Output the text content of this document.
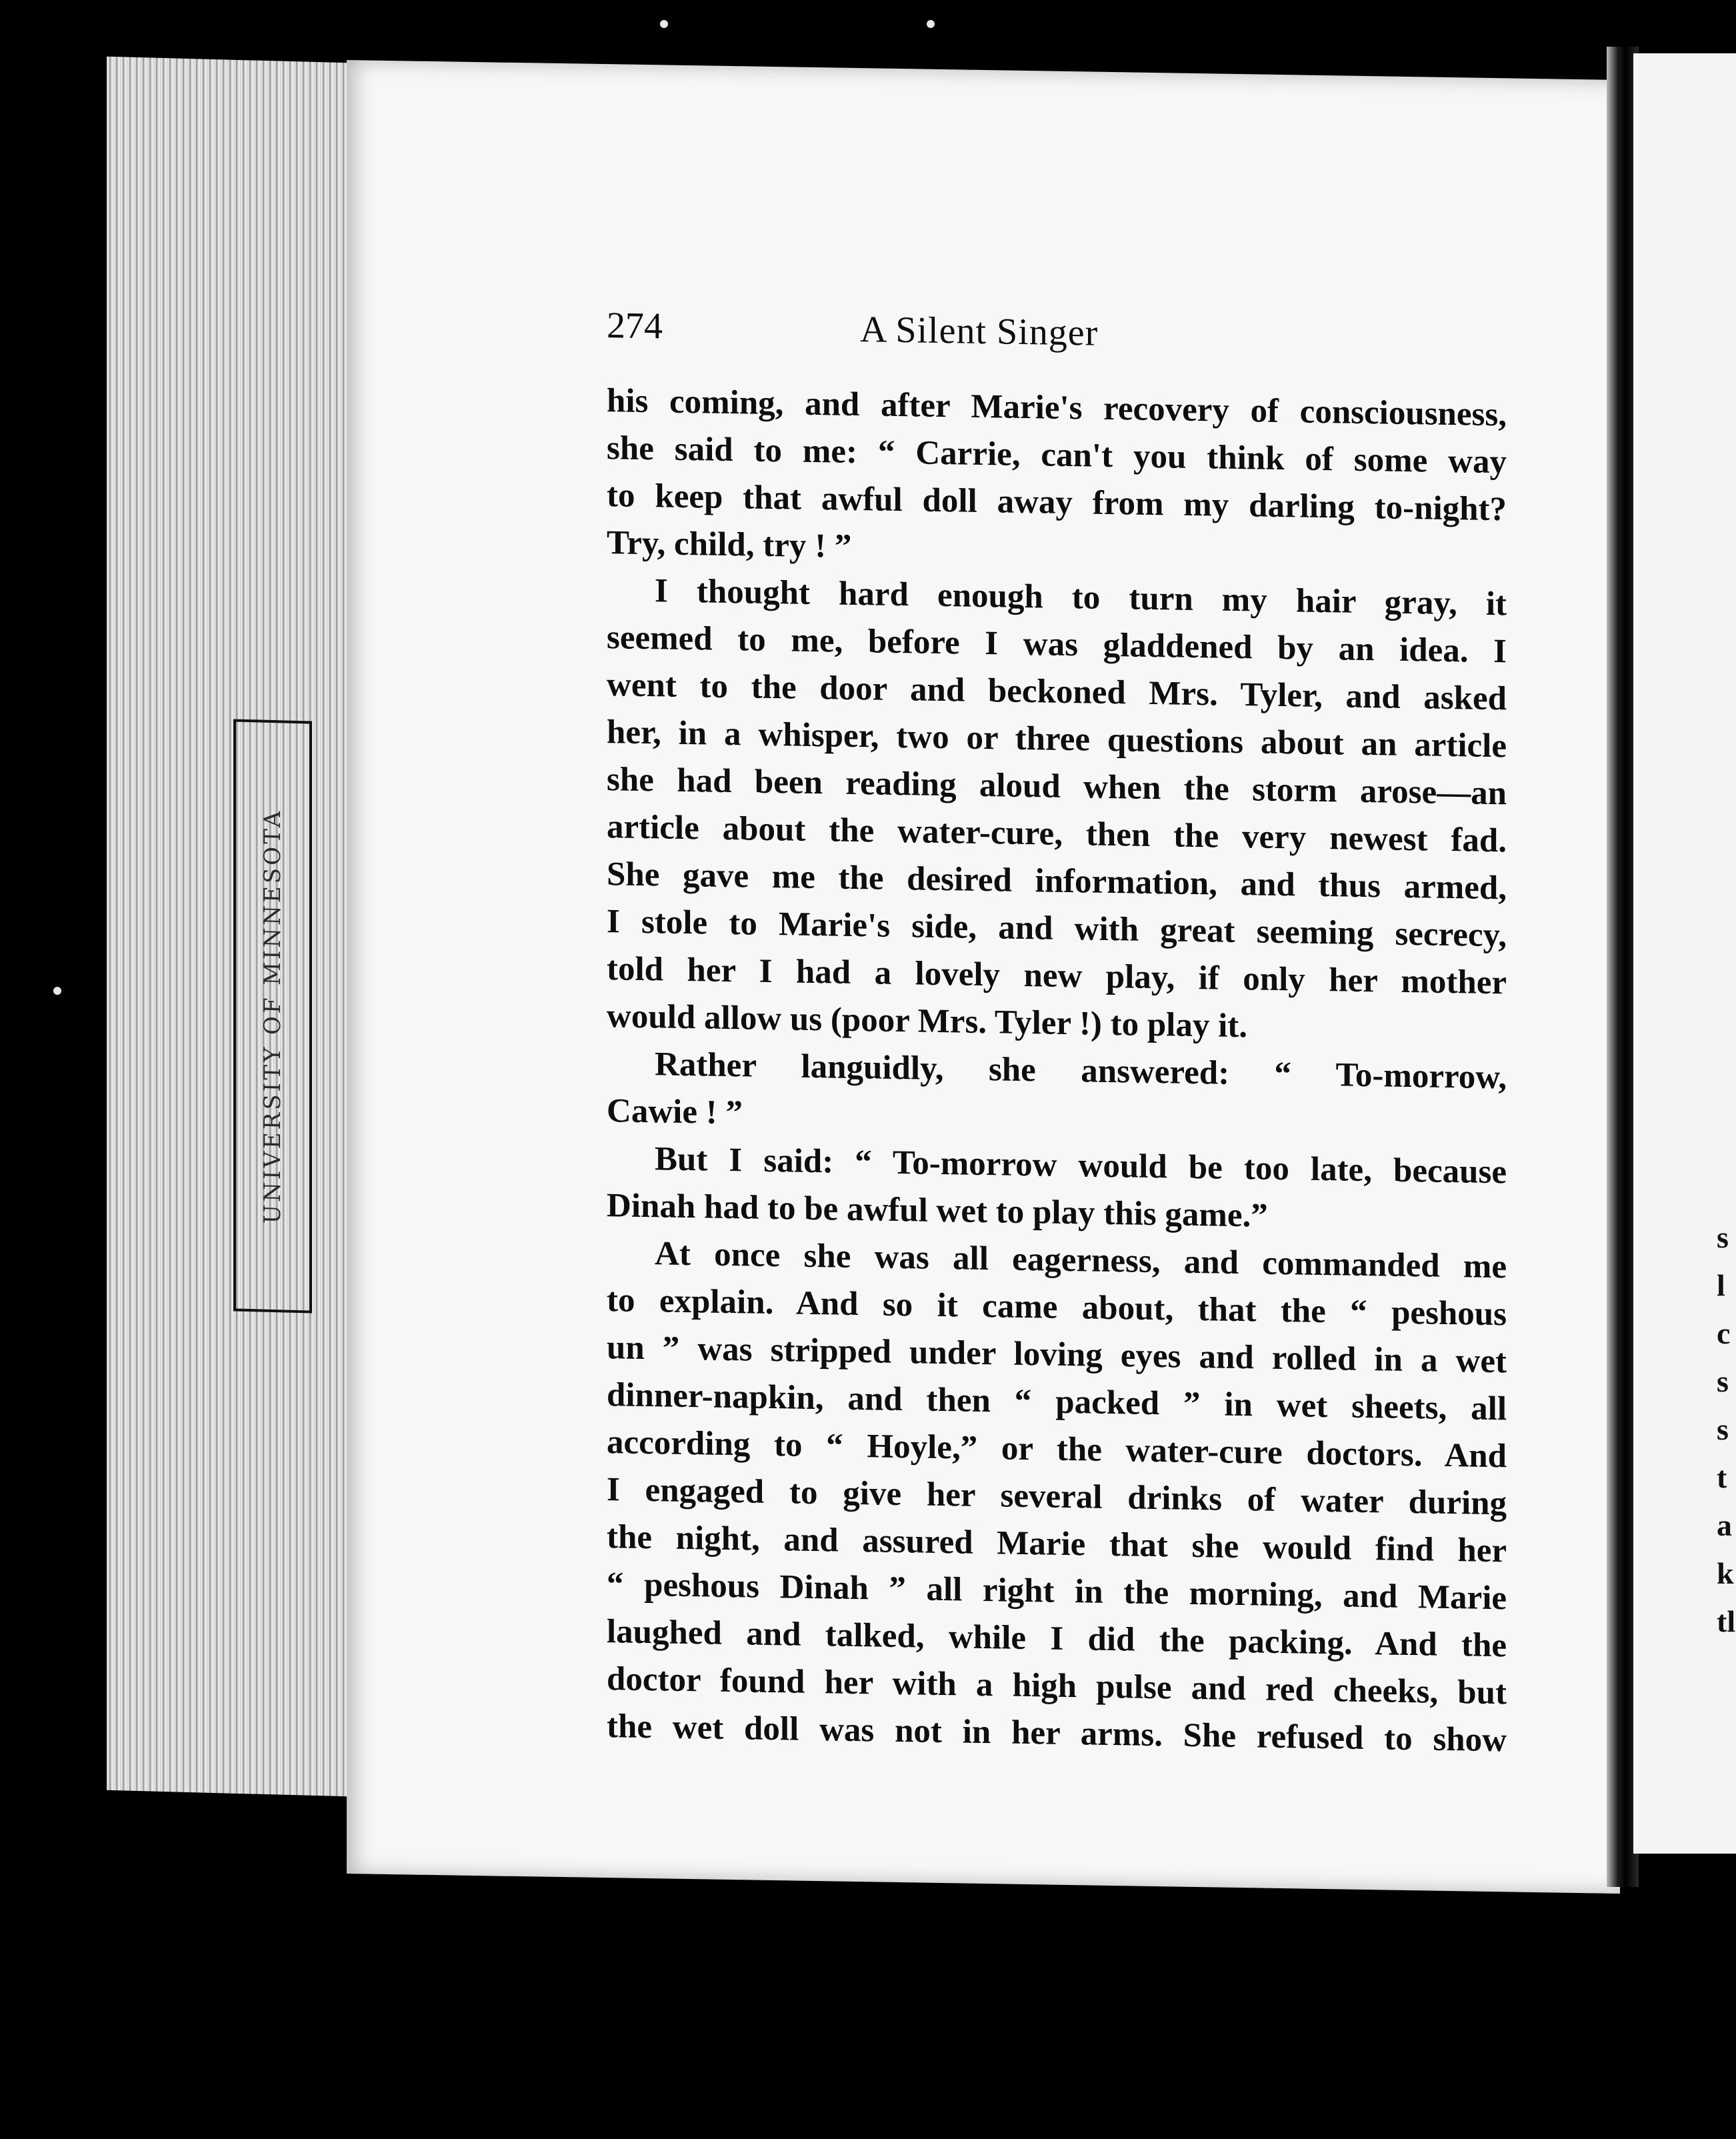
UNIVERSITY OF MINNESOTA
274	A Silent Singer
his coming, and after Marie's recovery of consciousness,
she said to me: “ Carrie, can't you think of some way
to keep that awful doll away from my darling to-night?
Try, child, try ! ”
I thought hard enough to turn my hair gray, it
seemed to me, before I was gladdened by an idea. I
went to the door and beckoned Mrs. Tyler, and asked
her, in a whisper, two or three questions about an article
she had been reading aloud when the storm arose—an
article about the water-cure, then the very newest fad.
She gave me the desired information, and thus armed,
I stole to Marie's side, and with great seeming secrecy,
told her I had a lovely new play, if only her mother
would allow us (poor Mrs. Tyler !) to play it.
Rather languidly, she answered: “ To-morrow,
Cawie ! ”
But I said: “ To-morrow would be too late, because
Dinah had to be awful wet to play this game.”
At once she was all eagerness, and commanded me
to explain. And so it came about, that the “ peshous
un ” was stripped under loving eyes and rolled in a wet
dinner-napkin, and then “ packed ” in wet sheets, all
according to “ Hoyle,” or the water-cure doctors. And
I engaged to give her several drinks of water during
the night, and assured Marie that she would find her
“ peshous Dinah ” all right in the morning, and Marie
laughed and talked, while I did the packing. And the
doctor found her with a high pulse and red cheeks, but
the wet doll was not in her arms. She refused to show
s
l
c
s
s
t
a
k
tl
